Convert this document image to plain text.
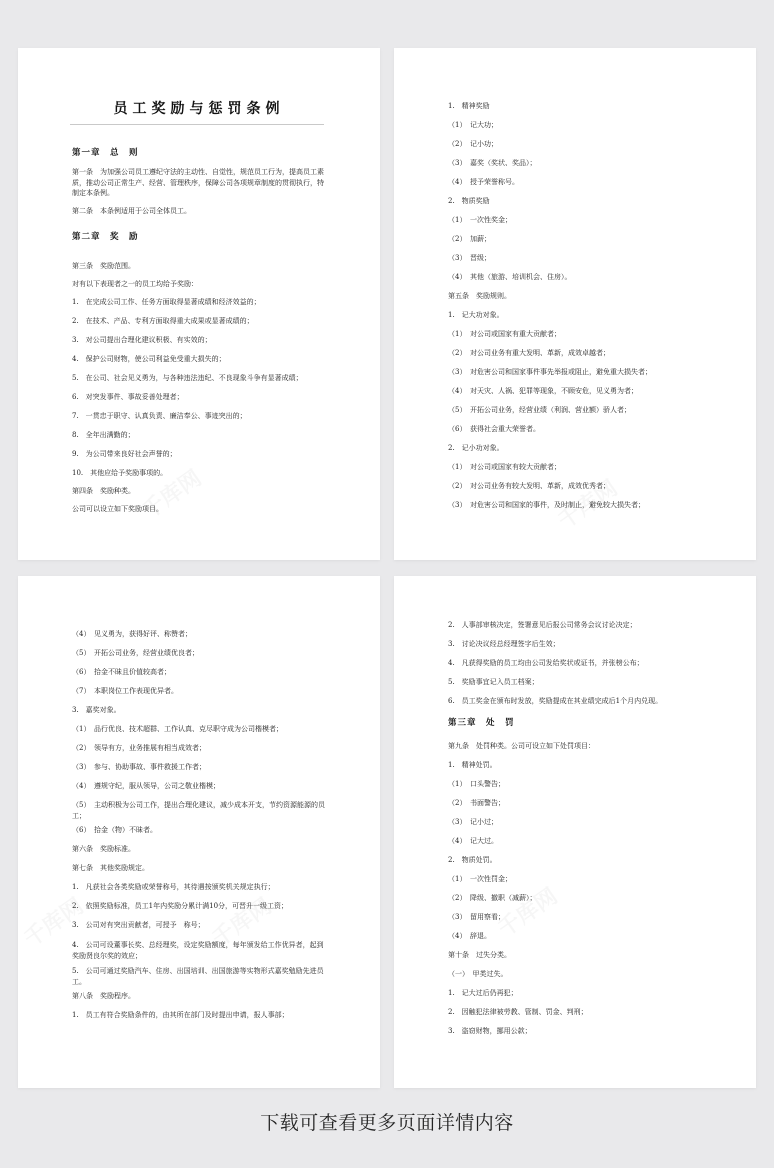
员工奖励与惩罚条例
第一章　总　则
第一条　为加强公司员工遵纪守法的主动性、自觉性，规范员工行为，提高员工素质，推动公司正常生产、经营、管理秩序，保障公司各项规章制度的贯彻执行，特制定本条例。
第二条　本条例适用于公司全体员工。
第二章　奖　励
第三条　奖励范围。
对有以下表现者之一的员工均给予奖励：
1.　在完成公司工作、任务方面取得显著成绩和经济效益的；
2.　在技术、产品、专利方面取得重大成果或显著成绩的；
3.　对公司提出合理化建议积极、有实效的；
4.　保护公司财物，使公司利益免受重大损失的；
5.　在公司、社会见义勇为，与各种违法违纪、不良现象斗争有显著成绩；
6.　对突发事件、事故妥善处理者；
7.　一贯忠于职守、认真负责、廉洁奉公、事迹突出的；
8.　全年出满勤的；
9.　为公司带来良好社会声誉的；
10.　其他应给予奖励事项的。
第四条　奖励种类。
公司可以设立如下奖励项目。
1.　精神奖励
（1）　记大功；
（2）　记小功；
（3）　嘉奖（奖状、奖品）；
（4）　授予荣誉称号。
2.　物质奖励
（1）　一次性奖金；
（2）　加薪；
（3）　晋级；
（4）　其他（旅游、培训机会、住房）。
第五条　奖励规则。
1.　记大功对象。
（1）　对公司或国家有重大贡献者；
（2）　对公司业务有重大发明、革新，成效卓越者；
（3）　对危害公司和国家事件事先举报或阻止，避免重大损失者；
（4）　对天灾、人祸、犯罪等现象，不顾安危，见义勇为者；
（5）　开拓公司业务，经营业绩（利润、营业额）骄人者；
（6）　获得社会重大荣誉者。
2.　记小功对象。
（1）　对公司或国家有较大贡献者；
（2）　对公司业务有较大发明、革新，成效优秀者；
（3）　对危害公司和国家的事件，及时制止，避免较大损失者；
（4）　见义勇为，获得好评、称赞者；
（5）　开拓公司业务，经营业绩优良者；
（6）　拾金不昧且价值较高者；
（7）　本职岗位工作表现优异者。
3.　嘉奖对象。
（1）　品行优良、技术超群、工作认真、克尽职守成为公司楷模者；
（2）　领导有方，业务推展有相当成效者；
（3）　参与、协助事故、事件救援工作者；
（4）　遵规守纪，服从领导，公司之敬业楷模；
（5）　主动积极为公司工作，提出合理化建议，减少成本开支，节约资源能源的员工；
（6）　拾金（物）不昧者。
第六条　奖励标准。
第七条　其他奖励规定。
1.　凡获社会各类奖励或荣誉称号，其待遇按颁奖机关规定执行；
2.　依照奖励标准，员工1年内奖励分累计满10分，可晋升一级工资；
3.　公司对有突出贡献者，可授予　称号；
4.　公司可设董事长奖、总经理奖，设定奖励额度，每年颁发给工作优异者，起到奖励贤良尔奖的效应；
5.　公司可通过奖励汽车、住房、出国培训、出国旅游等实物形式嘉奖勉励先进员工。
第八条　奖励程序。
1.　员工有符合奖励条件的，由其所在部门及时提出申请，报人事部；
2.　人事部审核决定，签署意见后报公司常务会议讨论决定；
3.　讨论决议经总经理签字后生效；
4.　凡获得奖励的员工均由公司发给奖状或证书，并张榜公布；
5.　奖励事宜记入员工档案；
6.　员工奖金在颁布时发放，奖励提成在其业绩完成后1个月内兑现。
第三章　处　罚
第九条　处罚种类。公司可设立如下处罚项目：
1.　精神处罚。
（1）　口头警告；
（2）　书面警告；
（3）　记小过；
（4）　记大过。
2.　物质处罚。
（1）　一次性罚金；
（2）　降级、撤职（减薪）；
（3）　留用察看；
（4）　辞退。
第十条　过失分类。
（一）　甲类过失。
1.　记大过后仍再犯；
2.　因触犯法律被劳教、管制、罚金、判刑；
3.　盗窃财物，挪用公款；
下载可查看更多页面详情内容
